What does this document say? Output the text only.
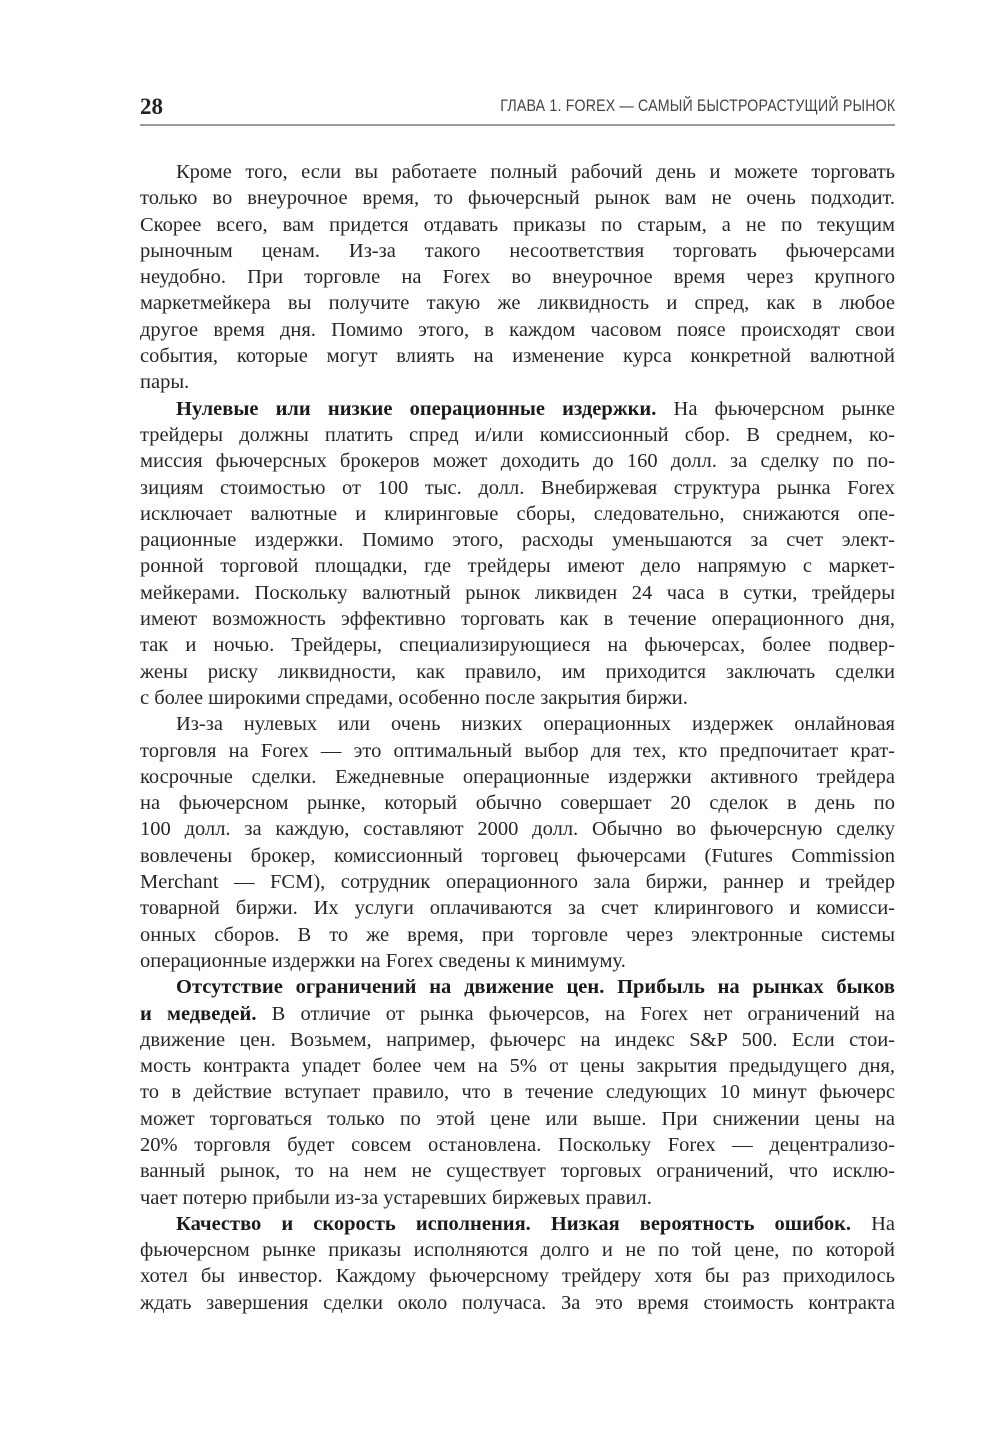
28	ГЛАВА 1. FOREX — САМЫЙ БЫСТРОРАСТУЩИЙ РЫНОК
Кроме того, если вы работаете полный рабочий день и можете торговать
только во внеурочное время, то фьючерсный рынок вам не очень подходит.
Скорее всего, вам придется отдавать приказы по старым, а не по текущим
рыночным ценам. Из-за такого несоответствия торговать фьючерсами
неудобно. При торговле на Forex во внеурочное время через крупного
маркетмейкера вы получите такую же ликвидность и спред, как в любое
другое время дня. Помимо этого, в каждом часовом поясе происходят свои
события, которые могут влиять на изменение курса конкретной валютной
пары.
Нулевые или низкие операционные издержки. На фьючерсном рынке
трейдеры должны платить спред и/или комиссионный сбор. В среднем, ко-
миссия фьючерсных брокеров может доходить до 160 долл. за сделку по по-
зициям стоимостью от 100 тыс. долл. Внебиржевая структура рынка Forex
исключает валютные и клиринговые сборы, следовательно, снижаются опе-
рационные издержки. Помимо этого, расходы уменьшаются за счет элект-
ронной торговой площадки, где трейдеры имеют дело напрямую с маркет-
мейкерами. Поскольку валютный рынок ликвиден 24 часа в сутки, трейдеры
имеют возможность эффективно торговать как в течение операционного дня,
так и ночью. Трейдеры, специализирующиеся на фьючерсах, более подвер-
жены риску ликвидности, как правило, им приходится заключать сделки
с более широкими спредами, особенно после закрытия биржи.
Из-за нулевых или очень низких операционных издержек онлайновая
торговля на Forex — это оптимальный выбор для тех, кто предпочитает крат-
косрочные сделки. Ежедневные операционные издержки активного трейдера
на фьючерсном рынке, который обычно совершает 20 сделок в день по
100 долл. за каждую, составляют 2000 долл. Обычно во фьючерсную сделку
вовлечены брокер, комиссионный торговец фьючерсами (Futures Commission
Merchant — FCM), сотрудник операционного зала биржи, раннер и трейдер
товарной биржи. Их услуги оплачиваются за счет клирингового и комисси-
онных сборов. В то же время, при торговле через электронные системы
операционные издержки на Forex сведены к минимуму.
Отсутствие ограничений на движение цен. Прибыль на рынках быков
и медведей. В отличие от рынка фьючерсов, на Forex нет ограничений на
движение цен. Возьмем, например, фьючерс на индекс S&P 500. Если стои-
мость контракта упадет более чем на 5% от цены закрытия предыдущего дня,
то в действие вступает правило, что в течение следующих 10 минут фьючерс
может торговаться только по этой цене или выше. При снижении цены на
20% торговля будет совсем остановлена. Поскольку Forex — децентрализо-
ванный рынок, то на нем не существует торговых ограничений, что исклю-
чает потерю прибыли из-за устаревших биржевых правил.
Качество и скорость исполнения. Низкая вероятность ошибок. На
фьючерсном рынке приказы исполняются долго и не по той цене, по которой
хотел бы инвестор. Каждому фьючерсному трейдеру хотя бы раз приходилось
ждать завершения сделки около получаса. За это время стоимость контракта
